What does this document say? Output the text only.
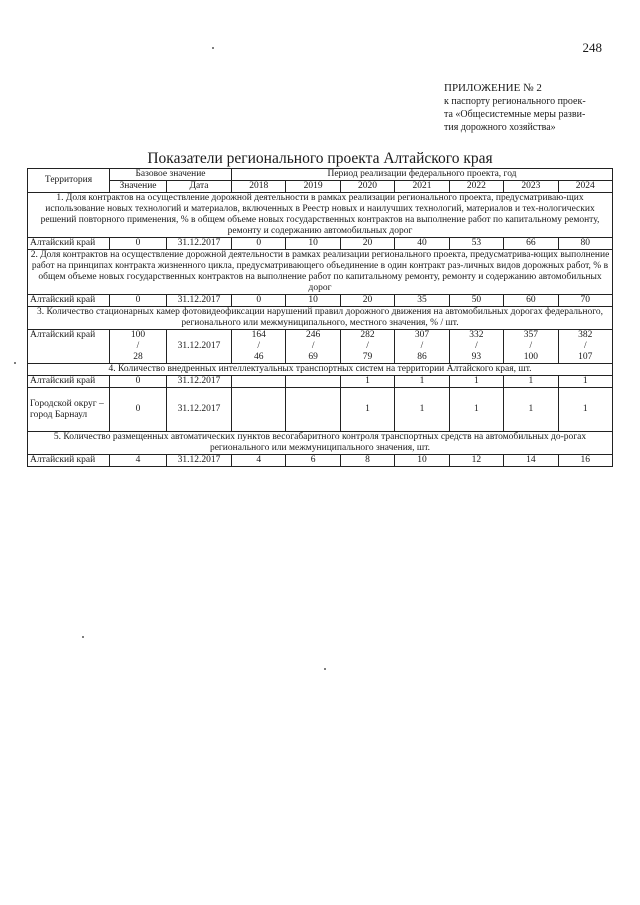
248
ПРИЛОЖЕНИЕ № 2
к паспорту регионального проек-
та «Общесистемные меры разви-
тия дорожного хозяйства»
Показатели регионального проекта Алтайского края
Территория	Базовое значение		Период реализации федерального проекта, год						
	Значение	Дата	2018	2019	2020	2021	2022	2023	2024
1. Доля контрактов на осуществление дорожной деятельности в рамках реализации регионального проекта, предусматриваю-щих использование новых технологий и материалов, включенных в Реестр новых и наилучших технологий, материалов и тех-нологических решений повторного применения, % в общем объеме новых государственных контрактов на выполнение работ по капитальному ремонту, ремонту и содержанию автомобильных дорог									
Алтайский край	0	31.12.2017	0	10	20	40	53	66	80
2. Доля контрактов на осуществление дорожной деятельности в рамках реализации регионального проекта, предусматрива-ющих выполнение работ на принципах контракта жизненного цикла, предусматривающего объединение в один контракт раз-личных видов дорожных работ, % в общем объеме новых государственных контрактов на выполнение работ по капитальному ремонту, ремонту и содержанию автомобильных дорог									
Алтайский край	0	31.12.2017	0	10	20	35	50	60	70
3. Количество стационарных камер фотовидеофиксации нарушений правил дорожного движения на автомобильных дорогах федерального, регионального или межмуниципального, местного значения, % / шт.									
Алтайский край	100
/
28	31.12.2017	164
/
46	246
/
69	282
/
79	307
/
86	332
/
93	357
/
100	382
/
107

4. Количество внедренных интеллектуальных транспортных систем на территории Алтайского края, шт.									
Алтайский край	0	31.12.2017			1	1	1	1	1
Городской округ – город Барнаул	0	31.12.2017			1	1	1	1	1
5. Количество размещенных автоматических пунктов весогабаритного контроля транспортных средств на автомобильных до-рогах регионального или межмуниципального значения, шт.									
Алтайский край	4	31.12.2017	4	6	8	10	12	14	16
